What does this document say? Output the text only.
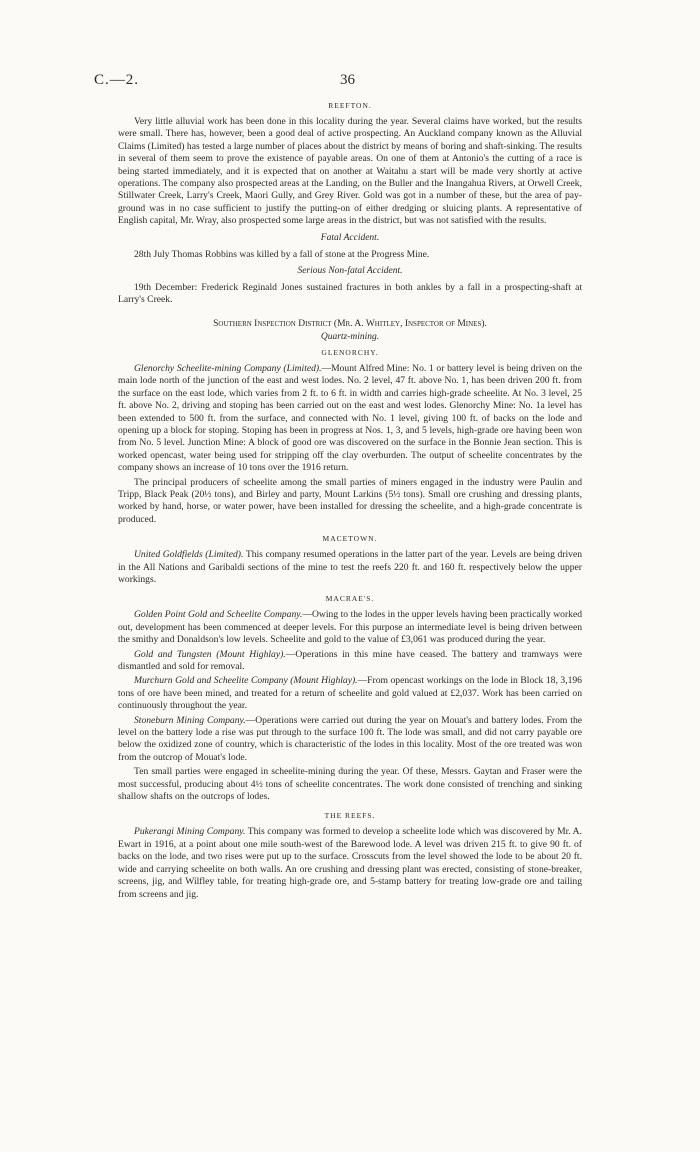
C.—2.	36
REEFTON.

Very little alluvial work has been done in this locality during the year. Several claims have worked, but the results were small. There has, however, been a good deal of active prospecting. An Auckland company known as the Alluvial Claims (Limited) has tested a large number of places about the district by means of boring and shaft-sinking. The results in several of them seem to prove the existence of payable areas. On one of them at Antonio's the cutting of a race is being started immediately, and it is expected that on another at Waitahu a start will be made very shortly at active operations. The company also prospected areas at the Landing, on the Buller and the Inangahua Rivers, at Orwell Creek, Stillwater Creek, Larry's Creek, Maori Gully, and Grey River. Gold was got in a number of these, but the area of pay-ground was in no case sufficient to justify the putting-on of either dredging or sluicing plants. A representative of English capital, Mr. Wray, also prospected some large areas in the district, but was not satisfied with the results.

Fatal Accident.

28th July Thomas Robbins was killed by a fall of stone at the Progress Mine.

Serious Non-fatal Accident.

19th December: Frederick Reginald Jones sustained fractures in both ankles by a fall in a prospecting-shaft at Larry's Creek.

Southern Inspection District (Mr. A. Whitley, Inspector of Mines).
Quartz-mining.
GLENORCHY.

Glenorchy Scheelite-mining Company (Limited).—Mount Alfred Mine: No. 1 or battery level is being driven on the main lode north of the junction of the east and west lodes. No. 2 level, 47 ft. above No. 1, has been driven 200 ft. from the surface on the east lode, which varies from 2 ft. to 6 ft. in width and carries high-grade scheelite. At No. 3 level, 25 ft. above No. 2, driving and stoping has been carried out on the east and west lodes. Glenorchy Mine: No. 1a level has been extended to 500 ft. from the surface, and connected with No. 1 level, giving 100 ft. of backs on the lode and opening up a block for stoping. Stoping has been in progress at Nos. 1, 3, and 5 levels, high-grade ore having been won from No. 5 level. Junction Mine: A block of good ore was discovered on the surface in the Bonnie Jean section. This is worked opencast, water being used for stripping off the clay overburden. The output of scheelite concentrates by the company shows an increase of 10 tons over the 1916 return.

The principal producers of scheelite among the small parties of miners engaged in the industry were Paulin and Tripp, Black Peak (20½ tons), and Birley and party, Mount Larkins (5½ tons). Small ore crushing and dressing plants, worked by hand, horse, or water power, have been installed for dressing the scheelite, and a high-grade concentrate is produced.

MACETOWN.

United Goldfields (Limited). This company resumed operations in the latter part of the year. Levels are being driven in the All Nations and Garibaldi sections of the mine to test the reefs 220 ft. and 160 ft. respectively below the upper workings.

MACRAE'S.

Golden Point Gold and Scheelite Company.—Owing to the lodes in the upper levels having been practically worked out, development has been commenced at deeper levels. For this purpose an intermediate level is being driven between the smithy and Donaldson's low levels. Scheelite and gold to the value of £3,061 was produced during the year.

Gold and Tungsten (Mount Highlay).—Operations in this mine have ceased. The battery and tramways were dismantled and sold for removal.

Murchurn Gold and Scheelite Company (Mount Highlay).—From opencast workings on the lode in Block 18, 3,196 tons of ore have been mined, and treated for a return of scheelite and gold valued at £2,037. Work has been carried on continuously throughout the year.

Stoneburn Mining Company.—Operations were carried out during the year on Mouat's and battery lodes. From the level on the battery lode a rise was put through to the surface 100 ft. The lode was small, and did not carry payable ore below the oxidized zone of country, which is characteristic of the lodes in this locality. Most of the ore treated was won from the outcrop of Mouat's lode.

Ten small parties were engaged in scheelite-mining during the year. Of these, Messrs. Gaytan and Fraser were the most successful, producing about 4½ tons of scheelite concentrates. The work done consisted of trenching and sinking shallow shafts on the outcrops of lodes.

THE REEFS.

Pukerangi Mining Company. This company was formed to develop a scheelite lode which was discovered by Mr. A. Ewart in 1916, at a point about one mile south-west of the Barewood lode. A level was driven 215 ft. to give 90 ft. of backs on the lode, and two rises were put up to the surface. Crosscuts from the level showed the lode to be about 20 ft. wide and carrying scheelite on both walls. An ore crushing and dressing plant was erected, consisting of stone-breaker, screens, jig, and Wilfley table, for treating high-grade ore, and 5-stamp battery for treating low-grade ore and tailing from screens and jig.
